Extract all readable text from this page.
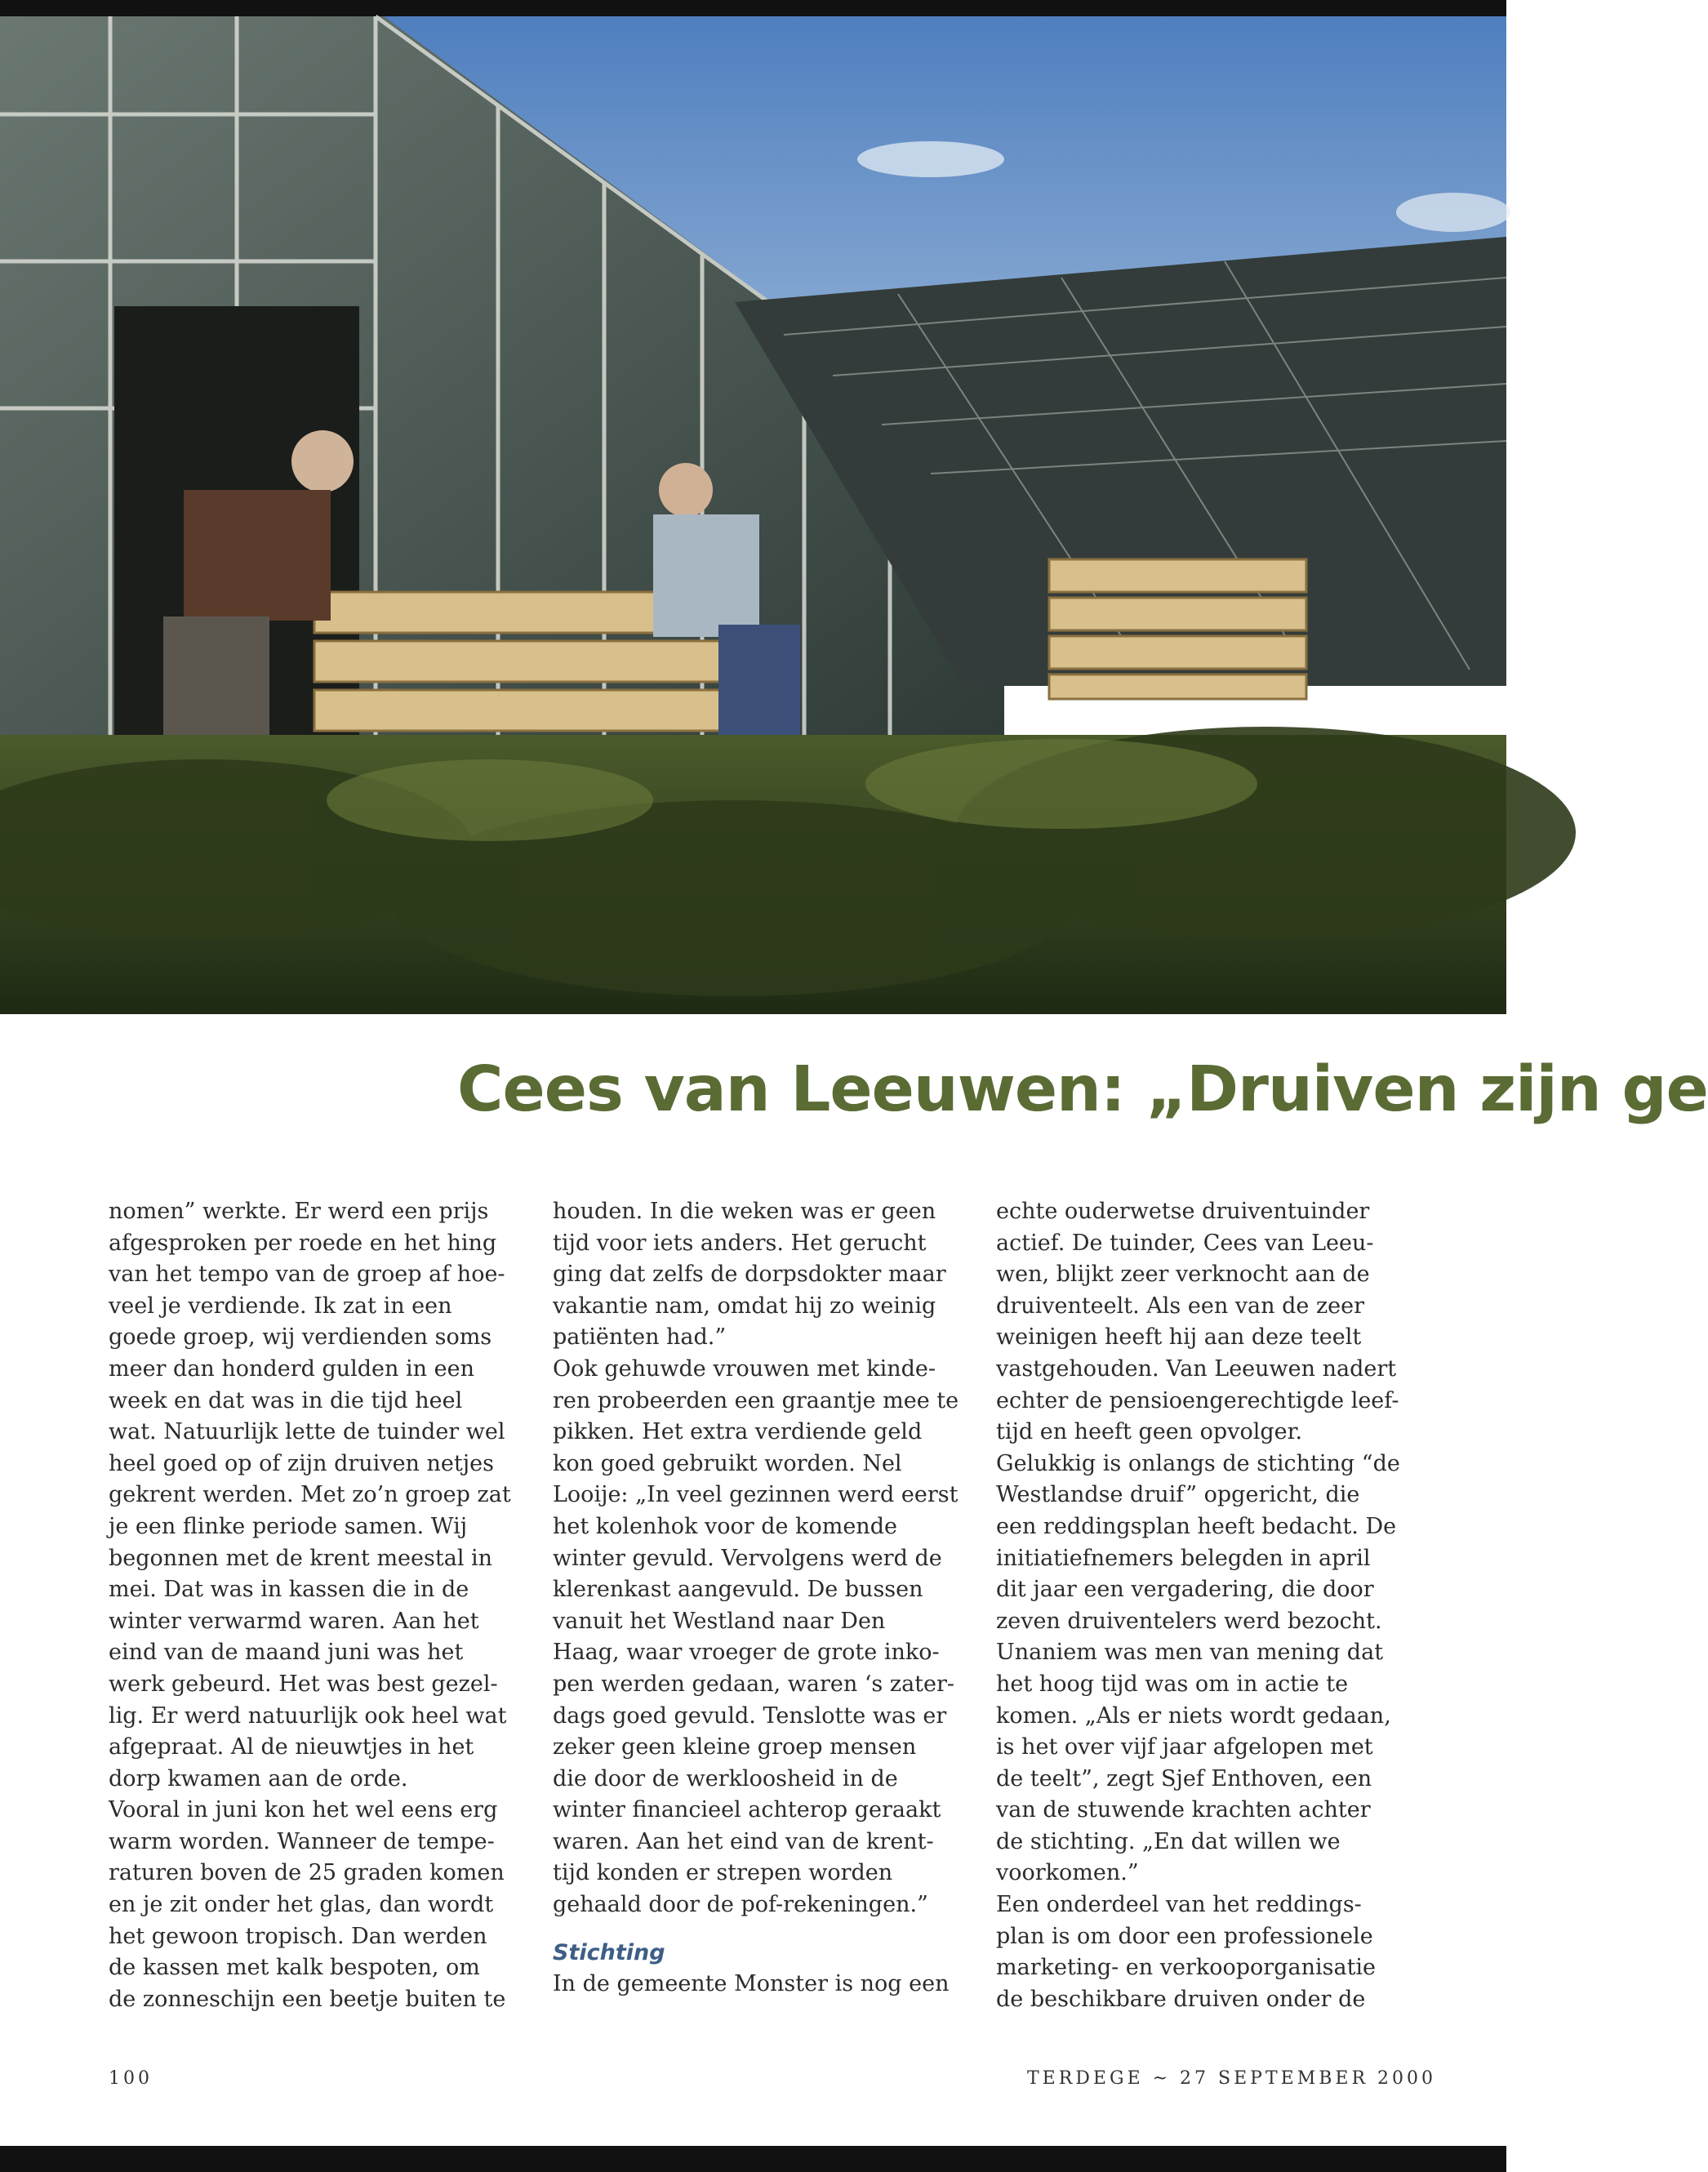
Cees van Leeuwen: „Druiven zijn ge
nomen” werkte. Er werd een prijs
afgesproken per roede en het hing
van het tempo van de groep af hoe-
veel je verdiende. Ik zat in een
goede groep, wij verdienden soms
meer dan honderd gulden in een
week en dat was in die tijd heel
wat. Natuurlijk lette de tuinder wel
heel goed op of zijn druiven netjes
gekrent werden. Met zo’n groep zat
je een flinke periode samen. Wij
begonnen met de krent meestal in
mei. Dat was in kassen die in de
winter verwarmd waren. Aan het
eind van de maand juni was het
werk gebeurd. Het was best gezel-
lig. Er werd natuurlijk ook heel wat
afgepraat. Al de nieuwtjes in het
dorp kwamen aan de orde.
Vooral in juni kon het wel eens erg
warm worden. Wanneer de tempe-
raturen boven de 25 graden komen
en je zit onder het glas, dan wordt
het gewoon tropisch. Dan werden
de kassen met kalk bespoten, om
de zonneschijn een beetje buiten te
houden. In die weken was er geen
tijd voor iets anders. Het gerucht
ging dat zelfs de dorpsdokter maar
vakantie nam, omdat hij zo weinig
patiënten had.”
Ook gehuwde vrouwen met kinde-
ren probeerden een graantje mee te
pikken. Het extra verdiende geld
kon goed gebruikt worden. Nel
Looije: „In veel gezinnen werd eerst
het kolenhok voor de komende
winter gevuld. Vervolgens werd de
klerenkast aangevuld. De bussen
vanuit het Westland naar Den
Haag, waar vroeger de grote inko-
pen werden gedaan, waren ‘s zater-
dags goed gevuld. Tenslotte was er
zeker geen kleine groep mensen
die door de werkloosheid in de
winter financieel achterop geraakt
waren. Aan het eind van de krent-
tijd konden er strepen worden
gehaald door de pof-rekeningen.”
Stichting
In de gemeente Monster is nog een
echte ouderwetse druiventuinder
actief. De tuinder, Cees van Leeu-
wen, blijkt zeer verknocht aan de
druiventeelt. Als een van de zeer
weinigen heeft hij aan deze teelt
vastgehouden. Van Leeuwen nadert
echter de pensioengerechtigde leef-
tijd en heeft geen opvolger.
Gelukkig is onlangs de stichting “de
Westlandse druif” opgericht, die
een reddingsplan heeft bedacht. De
initiatiefnemers belegden in april
dit jaar een vergadering, die door
zeven druiventelers werd bezocht.
Unaniem was men van mening dat
het hoog tijd was om in actie te
komen. „Als er niets wordt gedaan,
is het over vijf jaar afgelopen met
de teelt”, zegt Sjef Enthoven, een
van de stuwende krachten achter
de stichting. „En dat willen we
voorkomen.”
Een onderdeel van het reddings-
plan is om door een professionele
marketing- en verkooporganisatie
de beschikbare druiven onder de
100	TERDEGE ~ 27 SEPTEMBER 2000
